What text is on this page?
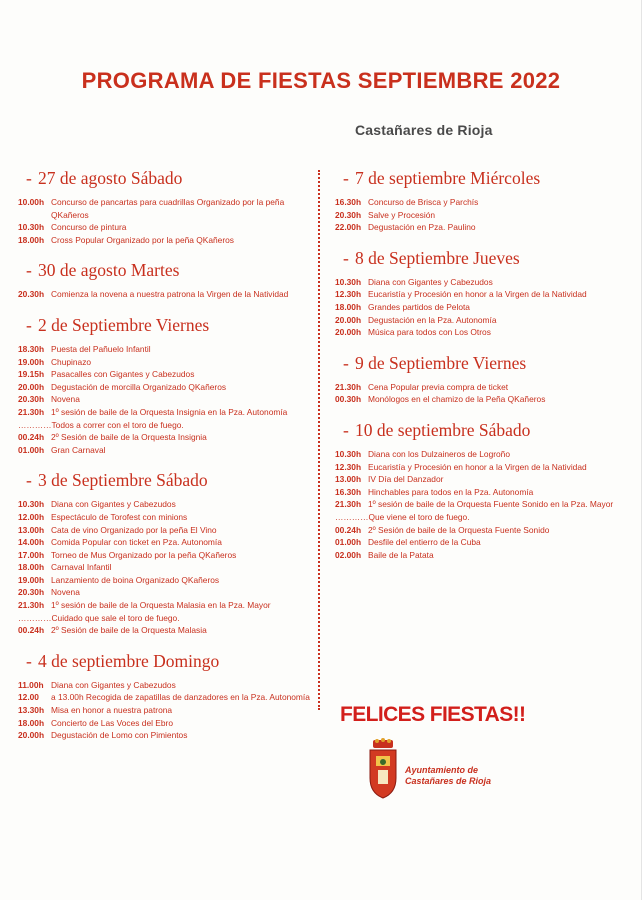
PROGRAMA DE FIESTAS SEPTIEMBRE 2022
Castañares de Rioja
- 27 de agosto Sábado
10.00h Concurso de pancartas para cuadrillas Organizado por la peña QKañeros
10.30h Concurso de pintura
18.00h Cross Popular Organizado por la peña QKañeros
- 30 de agosto Martes
20.30h Comienza la novena a nuestra patrona la Virgen de la Natividad
- 2 de Septiembre Viernes
18.30h Puesta del Pañuelo Infantil
19.00h Chupinazo
19.15h Pasacalles con Gigantes y Cabezudos
20.00h Degustación de morcilla Organizado QKañeros
20.30h Novena
21.30h 1º sesión de baile de la Orquesta Insignia en la Pza. Autonomía
………… Todos a correr con el toro de fuego.
00.24h 2º Sesión de baile de la Orquesta Insignia
01.00h Gran Carnaval
- 3 de Septiembre Sábado
10.30h Diana con Gigantes y Cabezudos
12.00h Espectáculo de Torofest con minions
13.00h Cata de vino Organizado por la peña El Vino
14.00h Comida Popular con ticket en Pza. Autonomía
17.00h Torneo de Mus Organizado por la peña QKañeros
18.00h Carnaval Infantil
19.00h Lanzamiento de boina Organizado QKañeros
20.30h Novena
21.30h 1º sesión de baile de la Orquesta Malasia en la Pza. Mayor
………… Cuidado que sale el toro de fuego.
00.24h 2º Sesión de baile de la Orquesta Malasia
- 4 de septiembre Domingo
11.00h Diana con Gigantes y Cabezudos
12.00	a 13.00h Recogida de zapatillas de danzadores en la Pza. Autonomía
13.30h Misa en honor a nuestra patrona
18.00h Concierto de Las Voces del Ebro
20.00h Degustación de Lomo con Pimientos
- 7 de septiembre Miércoles
16.30h Concurso de Brisca y Parchís
20.30h Salve y Procesión
22.00h Degustación en Pza. Paulino
- 8 de Septiembre Jueves
10.30h Diana con Gigantes y Cabezudos
12.30h Eucaristía y Procesión en honor a la Virgen de la Natividad
18.00h Grandes partidos de Pelota
20.00h Degustación en la Pza. Autonomía
20.00h Música para todos con Los Otros
- 9 de Septiembre Viernes
21.30h Cena Popular previa compra de ticket
00.30h Monólogos en el chamizo de la Peña QKañeros
- 10 de septiembre Sábado
10.30h Diana con los Dulzaineros de Logroño
12.30h Eucaristía y Procesión en honor a la Virgen de la Natividad
13.00h IV Día del Danzador
16.30h Hinchables para todos en la Pza. Autonomía
21.30h 1º sesión de baile de la Orquesta Fuente Sonido en la Pza. Mayor
………… Que viene el toro de fuego.
00.24h 2º Sesión de baile de la Orquesta Fuente Sonido
01.00h Desfile del entierro de la Cuba
02.00h Baile de la Patata
FELICES FIESTAS!!
Ayuntamiento de
Castañares de Rioja
